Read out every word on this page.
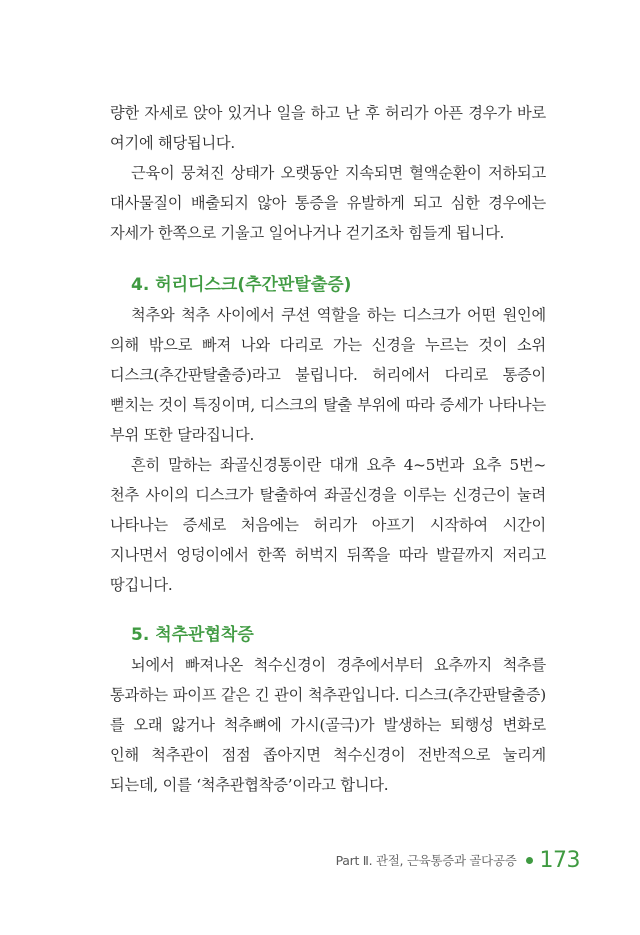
량한 자세로 앉아 있거나 일을 하고 난 후 허리가 아픈 경우가 바로 여기에 해당됩니다.

근육이 뭉쳐진 상태가 오랫동안 지속되면 혈액순환이 저하되고 대사물질이 배출되지 않아 통증을 유발하게 되고 심한 경우에는 자세가 한쪽으로 기울고 일어나거나 걷기조차 힘들게 됩니다.

4. 허리디스크(추간판탈출증)

척추와 척추 사이에서 쿠션 역할을 하는 디스크가 어떤 원인에 의해 밖으로 빠져 나와 다리로 가는 신경을 누르는 것이 소위 디스크(추간판탈출증)라고 불립니다. 허리에서 다리로 통증이 뻗치는 것이 특징이며, 디스크의 탈출 부위에 따라 증세가 나타나는 부위 또한 달라집니다.

흔히 말하는 좌골신경통이란 대개 요추 4~5번과 요추 5번~천추 사이의 디스크가 탈출하여 좌골신경을 이루는 신경근이 눌려 나타나는 증세로 처음에는 허리가 아프기 시작하여 시간이 지나면서 엉덩이에서 한쪽 허벅지 뒤쪽을 따라 발끝까지 저리고 땅깁니다.

5. 척추관협착증

뇌에서 빠져나온 척수신경이 경추에서부터 요추까지 척추를 통과하는 파이프 같은 긴 관이 척추관입니다. 디스크(추간판탈출증)를 오래 앓거나 척추뼈에 가시(골극)가 발생하는 퇴행성 변화로 인해 척추관이 점점 좁아지면 척수신경이 전반적으로 눌리게 되는데, 이를 ‘척추관협착증’이라고 합니다.

Part Ⅱ. 관절, 근육통증과 골다공증 173
